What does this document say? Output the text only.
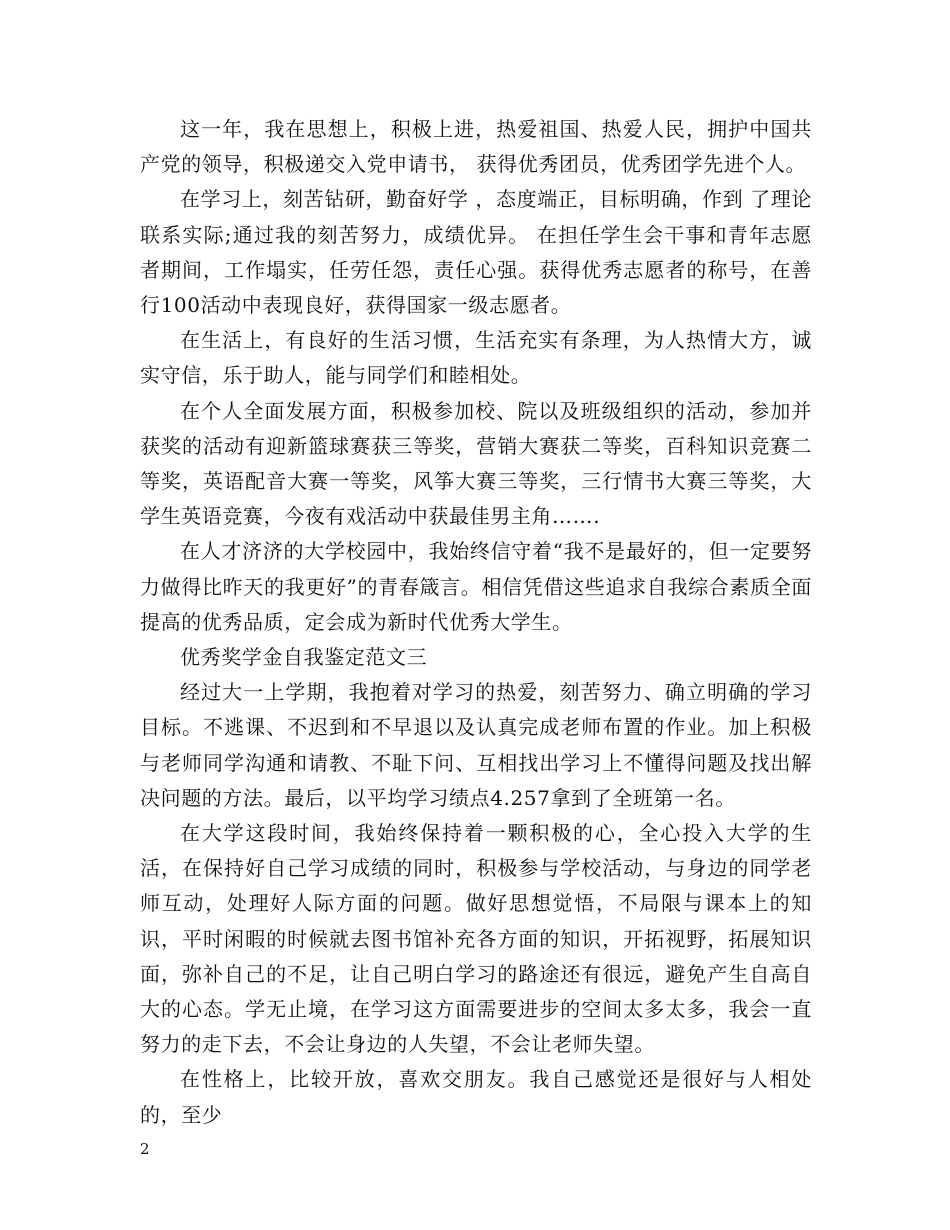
这一年，我在思想上，积极上进，热爱祖国、热爱人民，拥护中国共产党的领导，积极递交入党申请书， 获得优秀团员，优秀团学先进个人。

在学习上，刻苦钻研，勤奋好学 ，态度端正，目标明确，作到 了理论联系实际;通过我的刻苦努力，成绩优异。 在担任学生会干事和青年志愿者期间，工作塌实，任劳任怨，责任心强。获得优秀志愿者的称号，在善行100活动中表现良好，获得国家一级志愿者。

在生活上，有良好的生活习惯，生活充实有条理，为人热情大方，诚实守信，乐于助人，能与同学们和睦相处。

在个人全面发展方面，积极参加校、院以及班级组织的活动，参加并获奖的活动有迎新篮球赛获三等奖，营销大赛获二等奖，百科知识竞赛二等奖，英语配音大赛一等奖，风筝大赛三等奖，三行情书大赛三等奖，大学生英语竞赛，今夜有戏活动中获最佳男主角…….

在人才济济的大学校园中，我始终信守着“我不是最好的，但一定要努力做得比昨天的我更好”的青春箴言。相信凭借这些追求自我综合素质全面提高的优秀品质，定会成为新时代优秀大学生。

优秀奖学金自我鉴定范文三

经过大一上学期，我抱着对学习的热爱，刻苦努力、确立明确的学习目标。不逃课、不迟到和不早退以及认真完成老师布置的作业。加上积极与老师同学沟通和请教、不耻下问、互相找出学习上不懂得问题及找出解决问题的方法。最后，以平均学习绩点4.257拿到了全班第一名。

在大学这段时间，我始终保持着一颗积极的心，全心投入大学的生活，在保持好自己学习成绩的同时，积极参与学校活动，与身边的同学老师互动，处理好人际方面的问题。做好思想觉悟，不局限与课本上的知识，平时闲暇的时候就去图书馆补充各方面的知识，开拓视野，拓展知识面，弥补自己的不足，让自己明白学习的路途还有很远，避免产生自高自大的心态。学无止境，在学习这方面需要进步的空间太多太多，我会一直努力的走下去，不会让身边的人失望，不会让老师失望。

在性格上，比较开放，喜欢交朋友。我自己感觉还是很好与人相处的，至少

2
